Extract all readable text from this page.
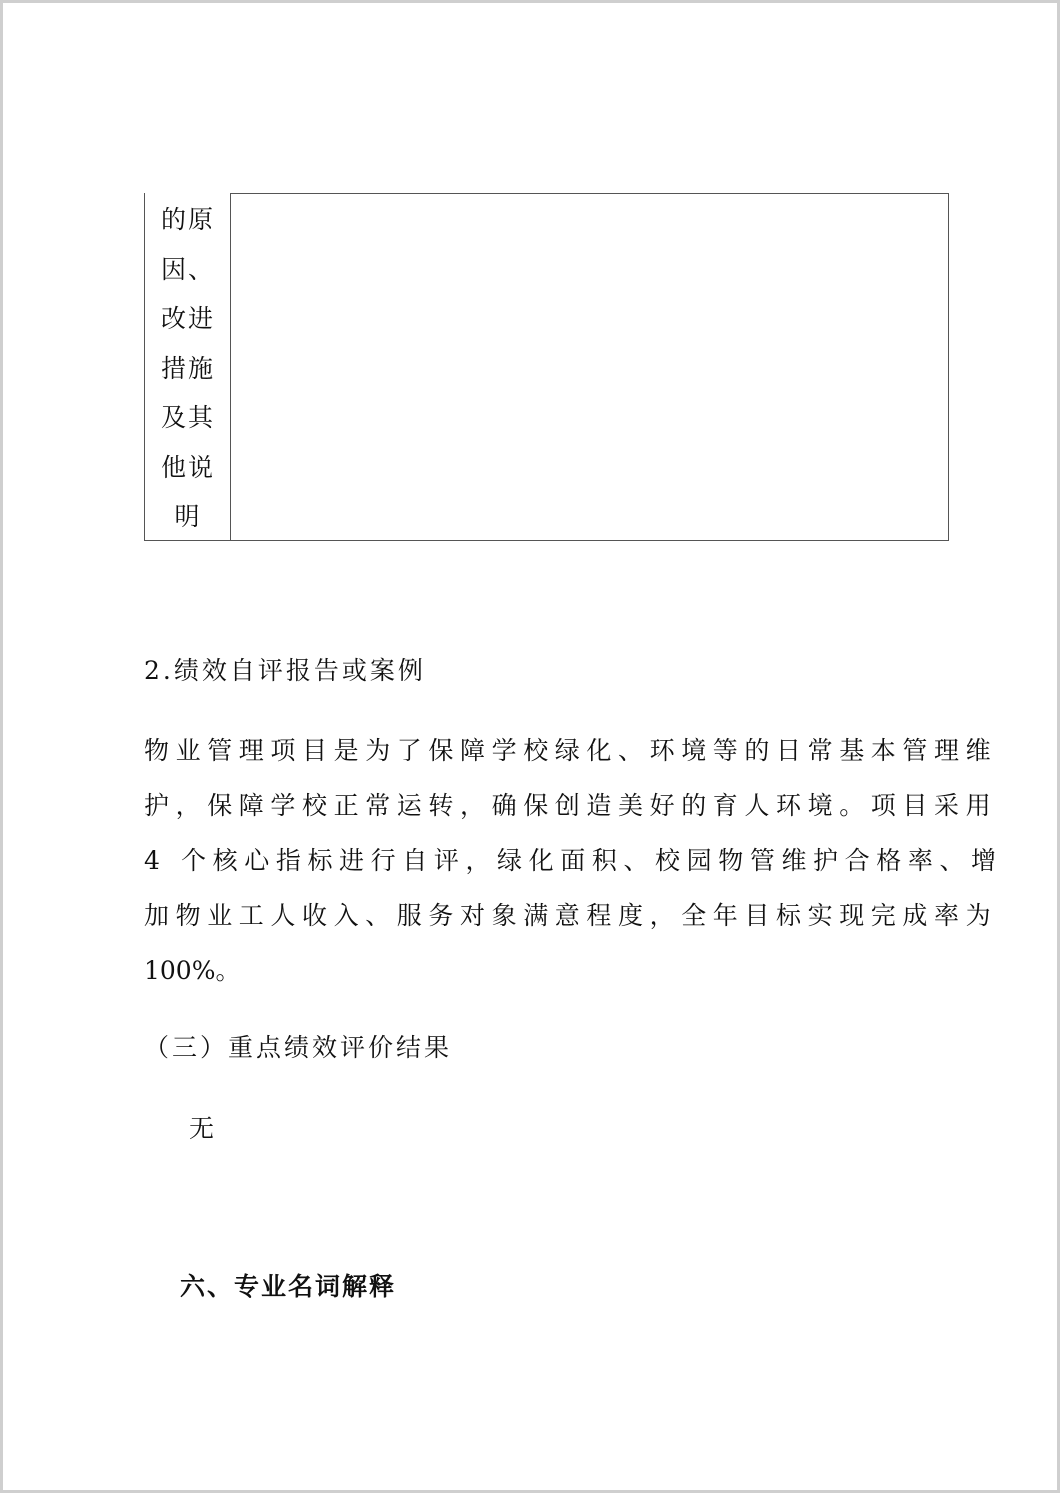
的原
因、
改进
措施
及其
他说
明
2.绩效自评报告或案例
物业管理项目是为了保障学校绿化、环境等的日常基本管理维
护，保障学校正常运转，确保创造美好的育人环境。项目采用
4 个核心指标进行自评，绿化面积、校园物管维护合格率、增
加物业工人收入、服务对象满意程度，全年目标实现完成率为
100%。
（三）重点绩效评价结果
无
六、专业名词解释
